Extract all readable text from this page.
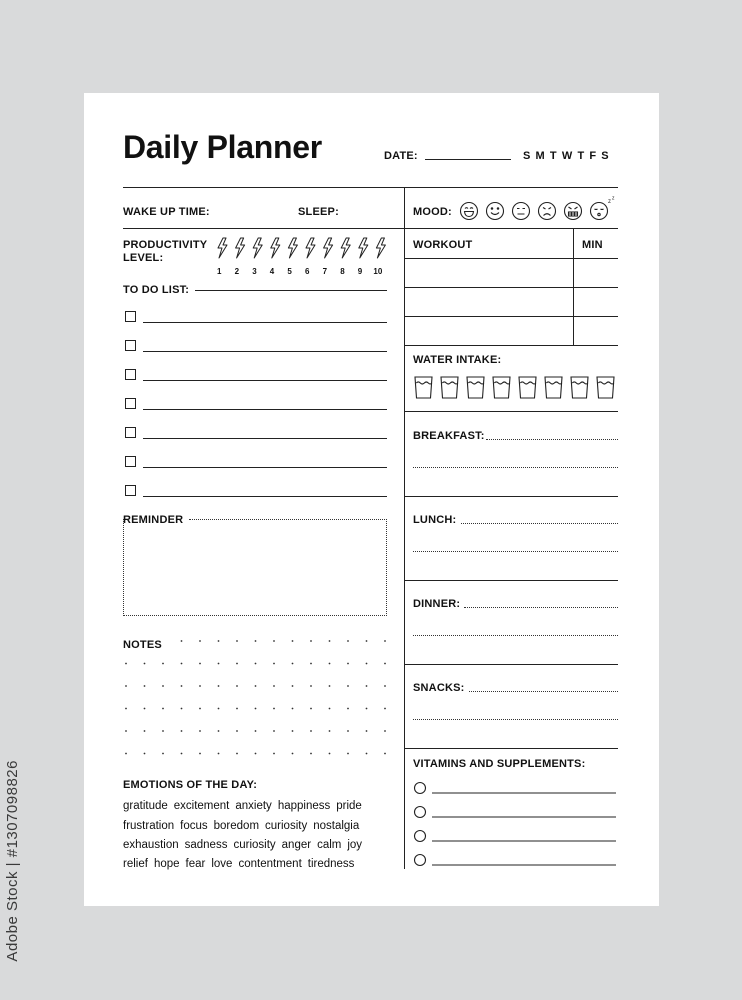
Adobe Stock | #1307098826
Daily Planner	DATE:	S M T W T F S
WAKE UP TIME:	SLEEP:	MOOD:
z
z
PRODUCTIVITY
LEVEL:
1 2 3 4 5 6 7 8 9 10
TO DO LIST:
REMINDER
NOTES
EMOTIONS OF THE DAY:
gratitude excitement anxiety happiness pride
frustration focus boredom curiosity nostalgia
exhaustion sadness curiosity anger calm joy
relief hope fear love contentment tiredness
WORKOUT	MIN
WATER INTAKE:
BREAKFAST:
LUNCH:
DINNER:
SNACKS:
VITAMINS AND SUPPLEMENTS:
